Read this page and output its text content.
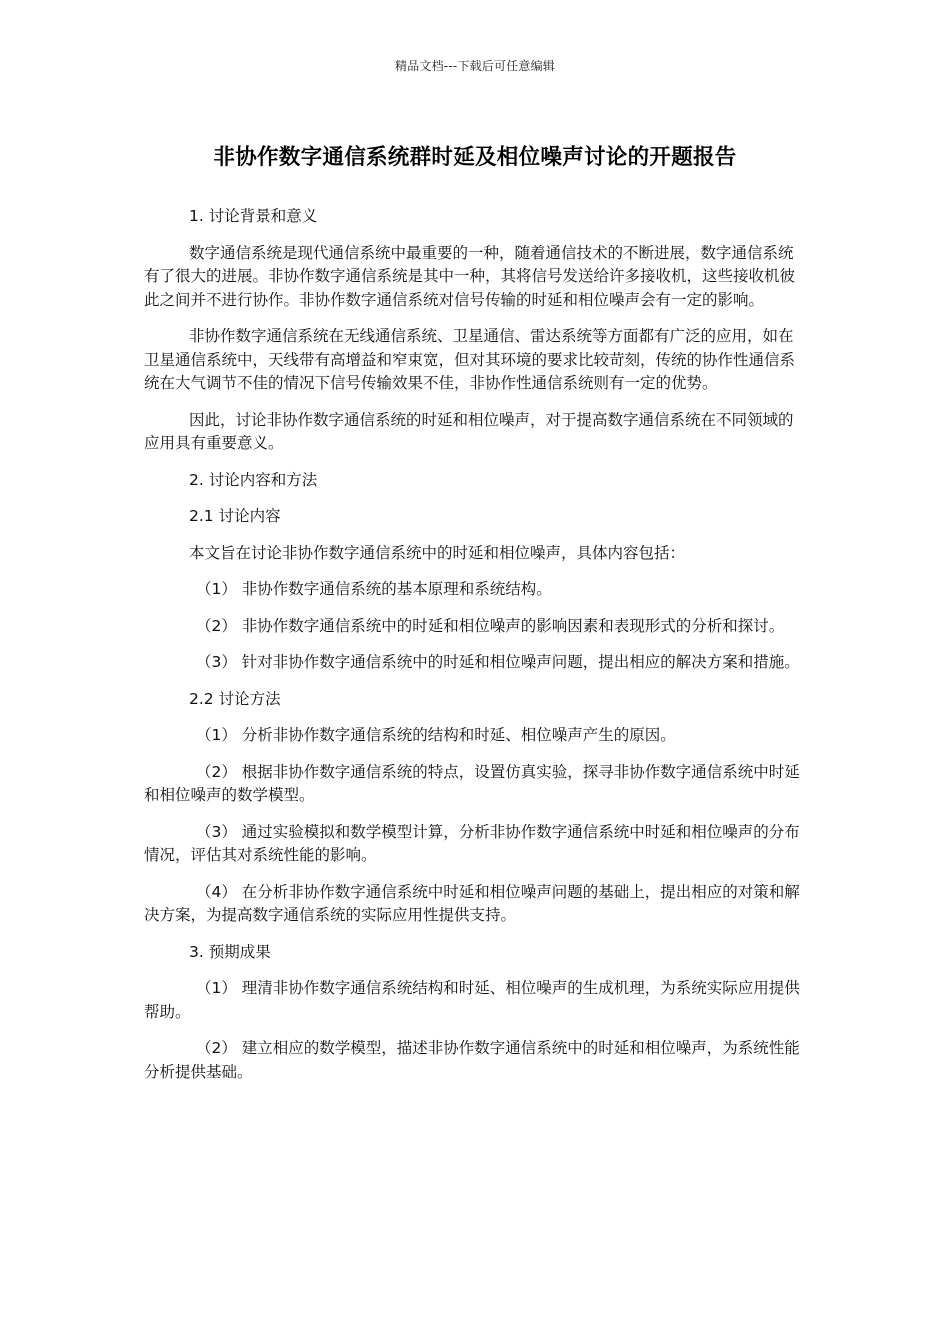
精品文档---下载后可任意编辑
非协作数字通信系统群时延及相位噪声讨论的开题报告

1. 讨论背景和意义

数字通信系统是现代通信系统中最重要的一种，随着通信技术的不断进展，数字通信系统有了很大的进展。非协作数字通信系统是其中一种，其将信号发送给许多接收机，这些接收机彼此之间并不进行协作。非协作数字通信系统对信号传输的时延和相位噪声会有一定的影响。

非协作数字通信系统在无线通信系统、卫星通信、雷达系统等方面都有广泛的应用，如在卫星通信系统中，天线带有高增益和窄束宽，但对其环境的要求比较苛刻，传统的协作性通信系统在大气调节不佳的情况下信号传输效果不佳，非协作性通信系统则有一定的优势。

因此，讨论非协作数字通信系统的时延和相位噪声，对于提高数字通信系统在不同领域的应用具有重要意义。

2. 讨论内容和方法

2.1 讨论内容

本文旨在讨论非协作数字通信系统中的时延和相位噪声，具体内容包括：

（1） 非协作数字通信系统的基本原理和系统结构。

（2） 非协作数字通信系统中的时延和相位噪声的影响因素和表现形式的分析和探讨。

（3） 针对非协作数字通信系统中的时延和相位噪声问题，提出相应的解决方案和措施。

2.2 讨论方法

（1） 分析非协作数字通信系统的结构和时延、相位噪声产生的原因。

（2） 根据非协作数字通信系统的特点，设置仿真实验，探寻非协作数字通信系统中时延和相位噪声的数学模型。

（3） 通过实验模拟和数学模型计算，分析非协作数字通信系统中时延和相位噪声的分布情况，评估其对系统性能的影响。

（4） 在分析非协作数字通信系统中时延和相位噪声问题的基础上，提出相应的对策和解决方案，为提高数字通信系统的实际应用性提供支持。

3. 预期成果

（1） 理清非协作数字通信系统结构和时延、相位噪声的生成机理，为系统实际应用提供帮助。

（2） 建立相应的数学模型，描述非协作数字通信系统中的时延和相位噪声，为系统性能分析提供基础。
